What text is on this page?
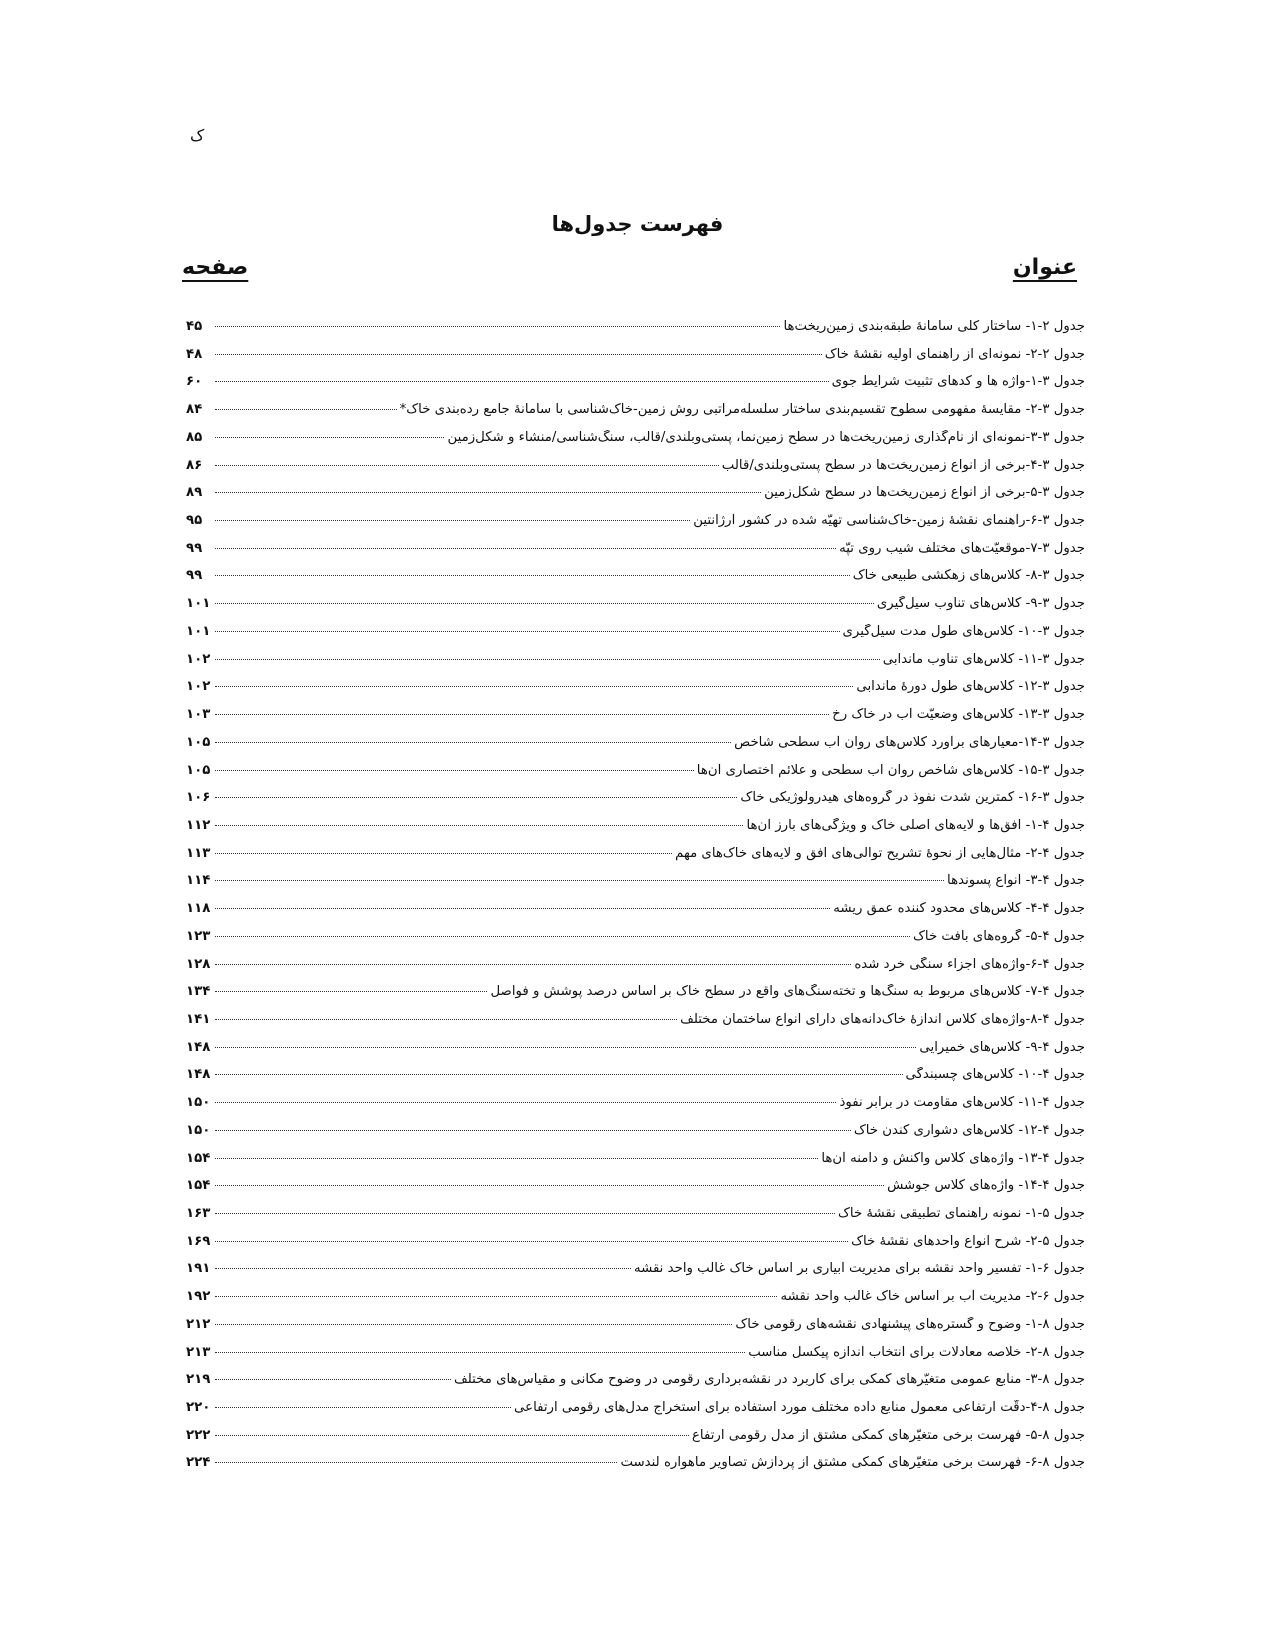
ک
فهرست جدول‌ها
عنوان
صفحه
جدول ۲-۱- ساختار کلّی سامانهٔ طبقه‌بندی زمین‌ریخت‌ها
۴۵
جدول ۲-۲- نمونه‌ای از راهنمای اولیه نقشهٔ خاک
۴۸
جدول ۳-۱-واژه ها و کدهای تثبیت شرایط جوی
۶۰
جدول ۳-۲- مقایسهٔ مفهومی سطوح تقسیم‌بندی ساختار سلسله‌مراتبی روش زمین-خاک‌شناسی با سامانهٔ جامع رده‌بندی خاک*
۸۴
جدول ۳-۳-نمونه‌ای از نام‌گذاری زمین‌ریخت‌ها در سطح زمین‌نما، پستی‌وبلندی/قالب، سنگ‌شناسی/منشاء و شکل‌زمین
۸۵
جدول ۳-۴-برخی از انواع زمین‌ریخت‌ها در سطح پستی‌وبلندی/قالب
۸۶
جدول ۳-۵-برخی از انواع زمین‌ریخت‌ها در سطح شکل‌زمین
۸۹
جدول ۳-۶-راهنمای نقشهٔ زمین-خاک‌شناسی تهیّه شده در کشور آرژانتین
۹۵
جدول ۳-۷-موقعیّت‌های مختلف شیب روی تپّه
۹۹
جدول ۳-۸- کلاس‌های زهکشی طبیعی خاک
۹۹
جدول ۳-۹- کلاس‌های تناوب سیل‌گیری
۱۰۱
جدول ۳-۱۰- کلاس‌های طول مدت سیل‌گیری
۱۰۱
جدول ۳-۱۱- کلاس‌های تناوب ماندابی
۱۰۲
جدول ۳-۱۲- کلاس‌های طول دورهٔ ماندابی
۱۰۲
جدول ۳-۱۳- کلاس‌های وضعیّت آب در خاک رخ
۱۰۳
جدول ۳-۱۴-معیارهای برآورد کلاس‌های روان آب سطحی شاخص
۱۰۵
جدول ۳-۱۵- کلاس‌های شاخص روان آب سطحی و علائم اختصاری آن‌ها
۱۰۵
جدول ۳-۱۶- کمترین شدت نفوذ در گروه‌های هیدرولوژیکی خاک
۱۰۶
جدول ۴-۱- اُفق‌ها و لایه‌های اصلی خاک و ویژگی‌های بارز آن‌ها
۱۱۲
جدول ۴-۲- مثال‌هایی از نحوهٔ تشریح توالی‌های اُفق و لایه‌های خاک‌های مهم
۱۱۳
جدول ۴-۳- انواع پسوندها
۱۱۴
جدول ۴-۴- کلاس‌های محدود کننده عمق ریشه
۱۱۸
جدول ۴-۵- گروه‌های بافت خاک
۱۲۳
جدول ۴-۶-واژه‌های اجزاء سنگی خرد شده
۱۲۸
جدول ۴-۷- کلاس‌های مربوط به سنگ‌ها و تخته‌سنگ‌های واقع در سطح خاک بر اساس درصد پوشش و فواصل
۱۳۴
جدول ۴-۸-واژه‌های کلاس اندازهٔ خاک‌دانه‌های دارای انواع ساختمان مختلف
۱۴۱
جدول ۴-۹- کلاس‌های خمیرایی
۱۴۸
جدول ۴-۱۰- کلاس‌های چسبندگی
۱۴۸
جدول ۴-۱۱- کلاس‌های مقاومت در برابر نفوذ
۱۵۰
جدول ۴-۱۲- کلاس‌های دشواری کندن خاک
۱۵۰
جدول ۴-۱۳- واژه‌های کلاس واکنش و دامنه آن‌ها
۱۵۴
جدول ۴-۱۴- واژه‌های کلاس جوشش
۱۵۴
جدول ۵-۱- نمونه راهنمای تطبیقی نقشهٔ خاک
۱۶۳
جدول ۵-۲- شرح انواع واحدهای نقشهٔ خاک
۱۶۹
جدول ۶-۱- تفسیر واحد نقشه برای مدیریت آبیاری بر اساس خاک غالب واحد نقشه
۱۹۱
جدول ۶-۲- مدیریت آب بر اساس خاک غالب واحد نقشه
۱۹۲
جدول ۸-۱- وضوح و گستره‌های پیشنهادی نقشه‌های رقومی خاک
۲۱۲
جدول ۸-۲- خلاصه معادلات برای انتخاب اندازه پیکسل مناسب
۲۱۳
جدول ۸-۳- منابع عمومی متغیّرهای کمکی برای کاربرد در نقشه‌برداری رقومی در وضوح مکانی و مقیاس‌های مختلف
۲۱۹
جدول ۸-۴-دقّت ارتفاعی معمول منابع داده مختلف مورد استفاده برای استخراج مدل‌های رقومی ارتفاعی
۲۲۰
جدول ۸-۵- فهرست برخی متغیّرهای کمکی مشتق از مدل رقومی ارتفاع
۲۲۲
جدول ۸-۶- فهرست برخی متغیّرهای کمکی مشتق از پردازش تصاویر ماهواره لندست
۲۲۴
